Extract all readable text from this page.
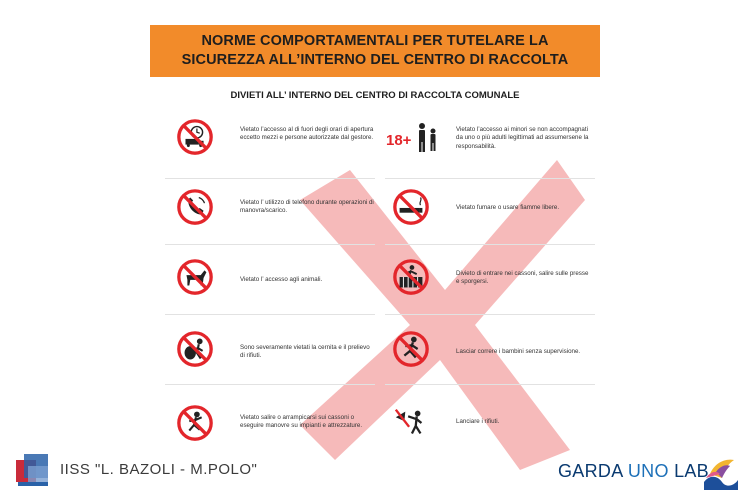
NORME COMPORTAMENTALI PER TUTELARE LA
SICUREZZA ALL’INTERNO DEL CENTRO DI RACCOLTA
DIVIETI ALL’ INTERNO DEL CENTRO DI RACCOLTA COMUNALE
Vietato l’accesso al di fuori degli orari di apertura eccetto mezzi e persone autorizzate dal gestore.
Vietato l’ utilizzo di telefono durante operazioni di manovra/scarico.
Vietato l’ accesso agli animali.
Sono severamente vietati la cernita e il prelievo di rifiuti.
Vietato salire o arrampicarsi sui cassoni o eseguire manovre su impianti e attrezzature.
18+
Vietato l’accesso ai minori se non accompagnati da uno o più adulti legittimati ad assumersene la responsabilità.
Vietato fumare o usare fiamme libere.
Divieto di entrare nei cassoni, salire sulle presse e sporgersi.
Lasciar correre i bambini senza supervisione.
Lanciare i rifiuti.
IISS "L. BAZOLI - M.POLO"	GARDA UNO LAB
